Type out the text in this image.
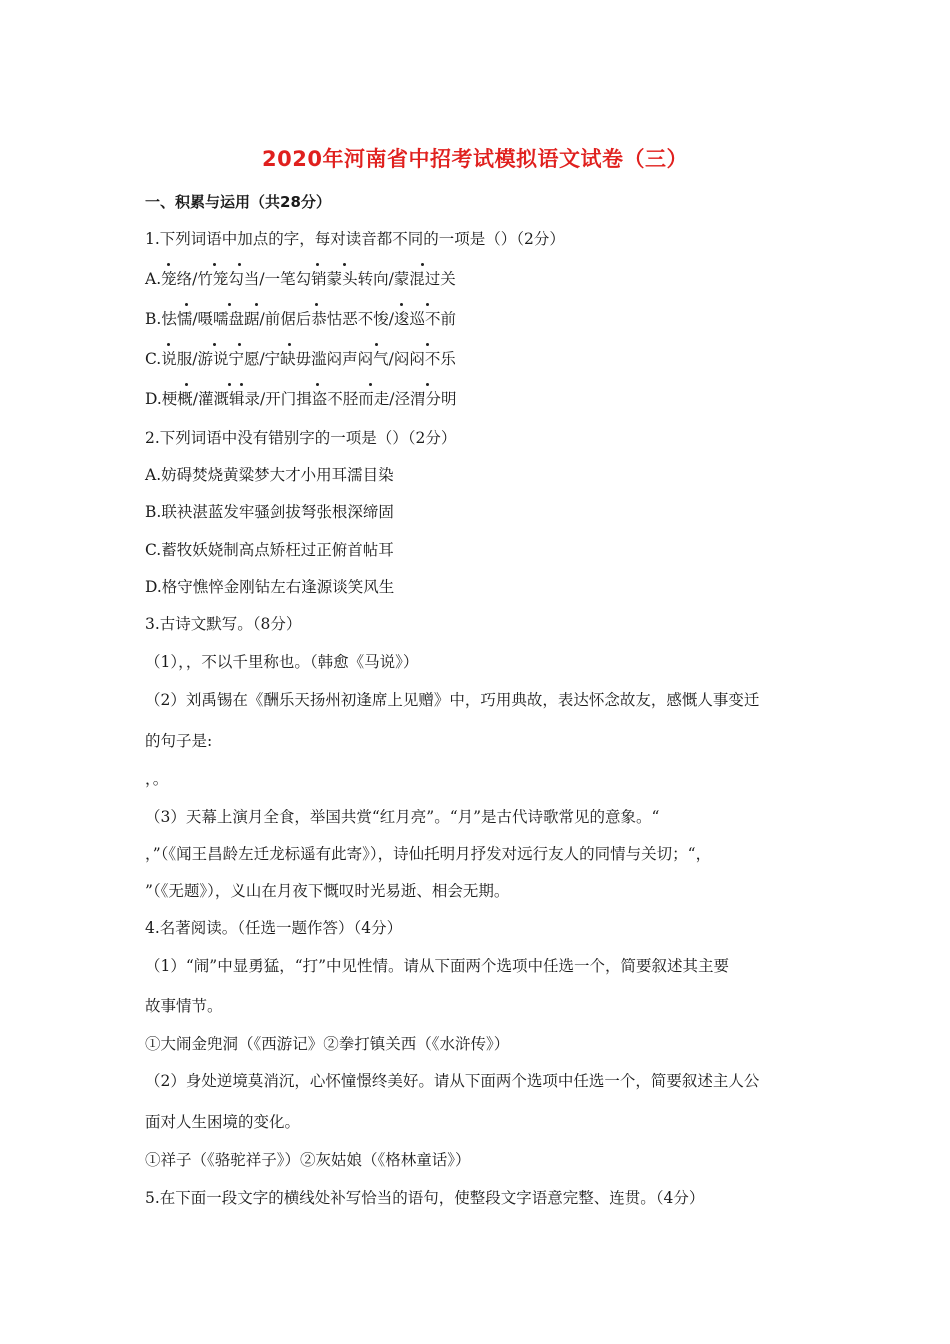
2020年河南省中招考试模拟语文试卷（三）
一、积累与运用（共28分）
1.下列词语中加点的字，每对读音都不同的一项是（）（2分）
A.笼络/竹笼勾当/一笔勾销蒙头转向/蒙混过关
B.怯懦/嗫嚅盘踞/前倨后恭怙恶不悛/逡巡不前
C.说服/游说宁愿/宁缺毋滥闷声闷气/闷闷不乐
D.梗概/灌溉辑录/开门揖盗不胫而走/泾渭分明
2.下列词语中没有错别字的一项是（）（2分）
A.妨碍焚烧黄粱梦大才小用耳濡目染
B.联袂湛蓝发牢骚剑拔弩张根深缔固
C.蓄牧妖娆制高点矫枉过正俯首帖耳
D.格守憔悴金刚钻左右逢源谈笑风生
3.古诗文默写。（8分）
（1），，不以千里称也。（韩愈《马说》）
（2）刘禹锡在《酬乐天扬州初逢席上见赠》中，巧用典故，表达怀念故友，感慨人事变迁
的句子是:
，。
（3）天幕上演月全食，举国共赏“红月亮”。“月”是古代诗歌常见的意象。“
，”（《闻王昌龄左迁龙标遥有此寄》），诗仙托明月抒发对远行友人的同情与关切；“，
”（《无题》），义山在月夜下慨叹时光易逝、相会无期。
4.名著阅读。（任选一题作答）（4分）
（1）“闹”中显勇猛，“打”中见性情。请从下面两个选项中任选一个，简要叙述其主要
故事情节。
①大闹金兜洞（《西游记》②拳打镇关西（《水浒传》）
（2）身处逆境莫消沉，心怀憧憬终美好。请从下面两个选项中任选一个，简要叙述主人公
面对人生困境的变化。
①祥子（《骆驼祥子》）②灰姑娘（《格林童话》）
5.在下面一段文字的横线处补写恰当的语句，使整段文字语意完整、连贯。（4分）
